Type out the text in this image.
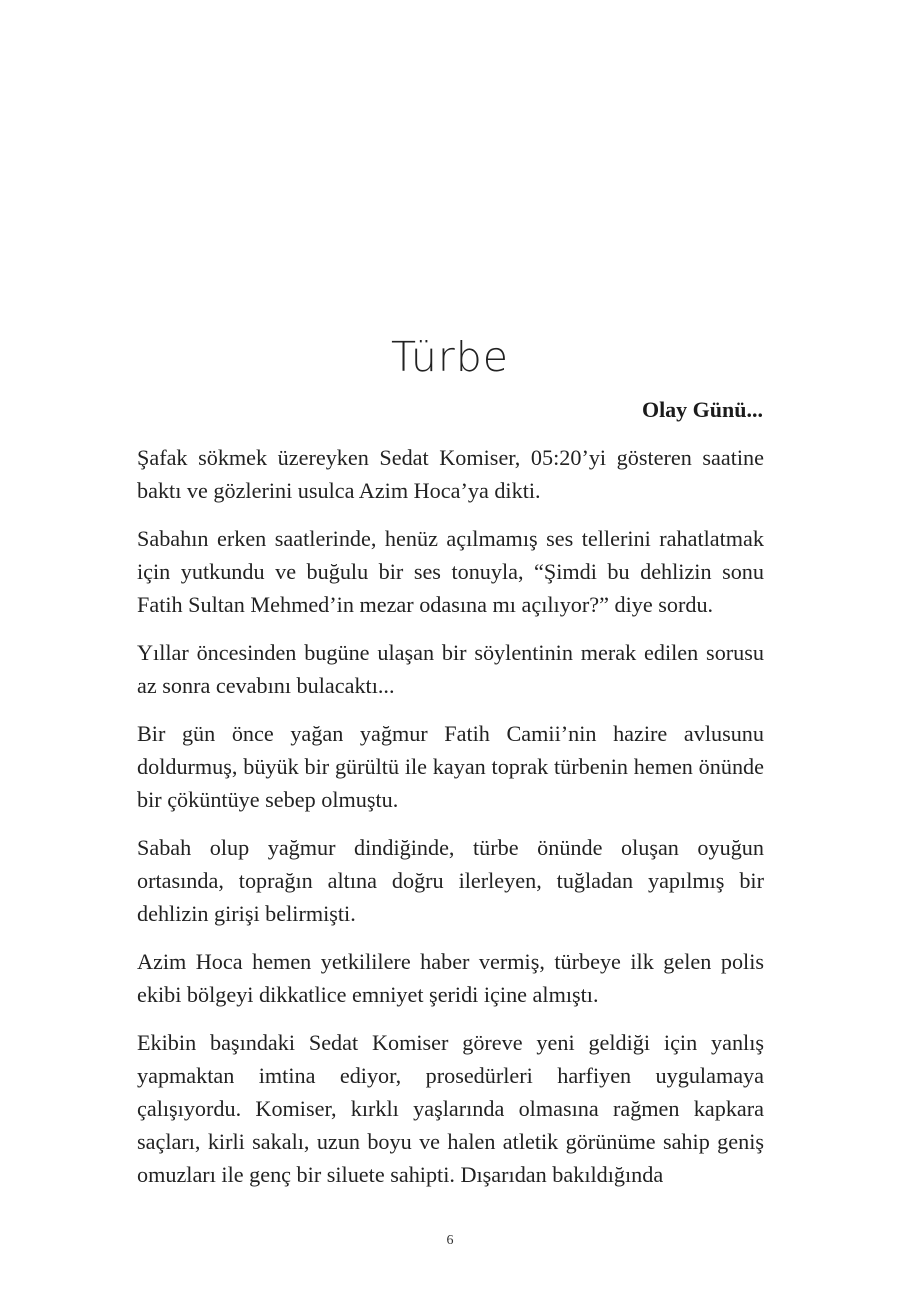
Türbe
Olay Günü...

Şafak sökmek üzereyken Sedat Komiser, 05:20’yi gösteren saatine baktı ve gözlerini usulca Azim Hoca’ya dikti.

Sabahın erken saatlerinde, henüz açılmamış ses tellerini rahatlatmak için yutkundu ve buğulu bir ses tonuyla, “Şimdi bu dehlizin sonu Fatih Sultan Mehmed’in mezar odasına mı açılıyor?” diye sordu.

Yıllar öncesinden bugüne ulaşan bir söylentinin merak edilen sorusu az sonra cevabını bulacaktı...

Bir gün önce yağan yağmur Fatih Camii’nin hazire avlusunu doldurmuş, büyük bir gürültü ile kayan toprak türbenin hemen önünde bir çöküntüye sebep olmuştu.

Sabah olup yağmur dindiğinde, türbe önünde oluşan oyuğun ortasında, toprağın altına doğru ilerleyen, tuğladan yapılmış bir dehlizin girişi belirmişti.

Azim Hoca hemen yetkililere haber vermiş, türbeye ilk gelen polis ekibi bölgeyi dikkatlice emniyet şeridi içine almıştı.

Ekibin başındaki Sedat Komiser göreve yeni geldiği için yanlış yapmaktan imtina ediyor, prosedürleri harfiyen uygulamaya çalışıyordu. Komiser, kırklı yaşlarında olmasına rağmen kapkara saçları, kirli sakalı, uzun boyu ve halen atletik görünüme sahip geniş omuzları ile genç bir siluete sahipti. Dışarıdan bakıldığında

6
